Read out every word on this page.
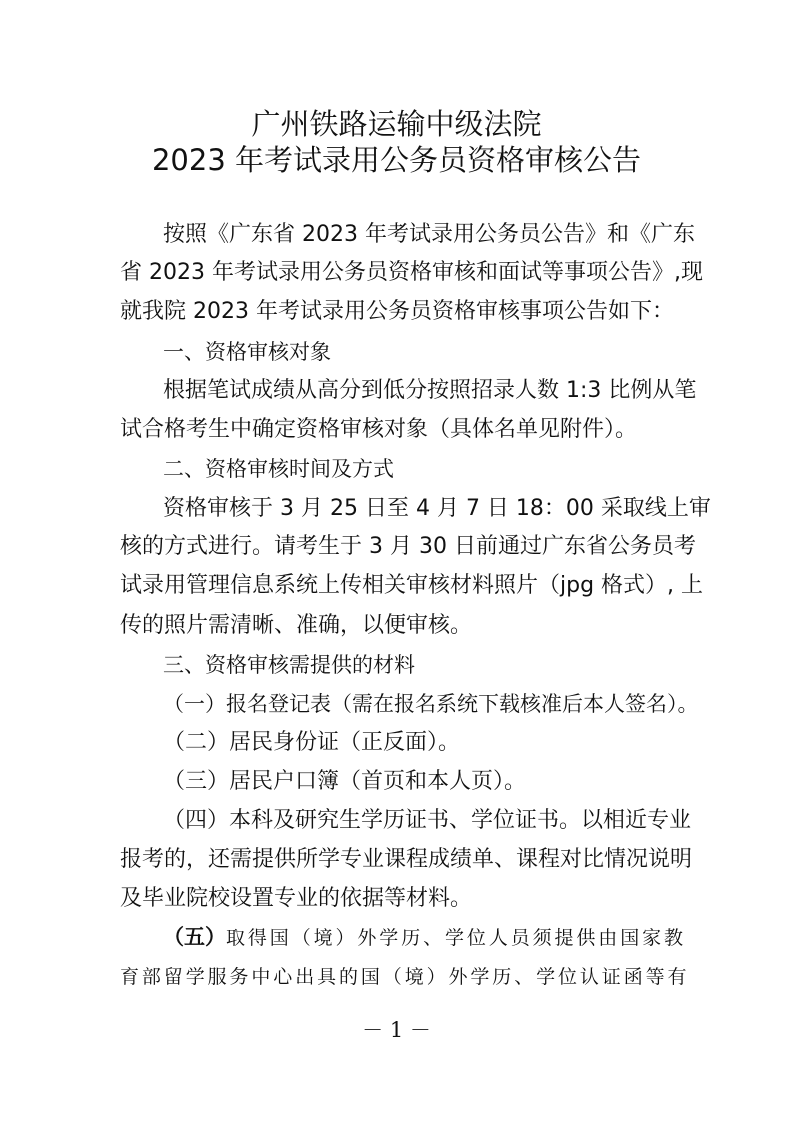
广州铁路运输中级法院
2023 年考试录用公务员资格审核公告
按照《广东省 2023 年考试录用公务员公告》和《广东
省 2023 年考试录用公务员资格审核和面试等事项公告》,现
就我院 2023 年考试录用公务员资格审核事项公告如下：
一、资格审核对象
根据笔试成绩从高分到低分按照招录人数 1:3 比例从笔
试合格考生中确定资格审核对象（具体名单见附件）。
二、资格审核时间及方式
资格审核于 3 月 25 日至 4 月 7 日 18：00 采取线上审
核的方式进行。请考生于 3 月 30 日前通过广东省公务员考
试录用管理信息系统上传相关审核材料照片（jpg 格式）, 上
传的照片需清晰、准确，以便审核。
三、资格审核需提供的材料
（一）报名登记表（需在报名系统下载核准后本人签名）。
（二）居民身份证（正反面）。
（三）居民户口簿（首页和本人页）。
（四）本科及研究生学历证书、学位证书。以相近专业
报考的，还需提供所学专业课程成绩单、课程对比情况说明
及毕业院校设置专业的依据等材料。
（五）取得国（境）外学历、学位人员须提供由国家教
育部留学服务中心出具的国（境）外学历、学位认证函等有
－ 1 －
